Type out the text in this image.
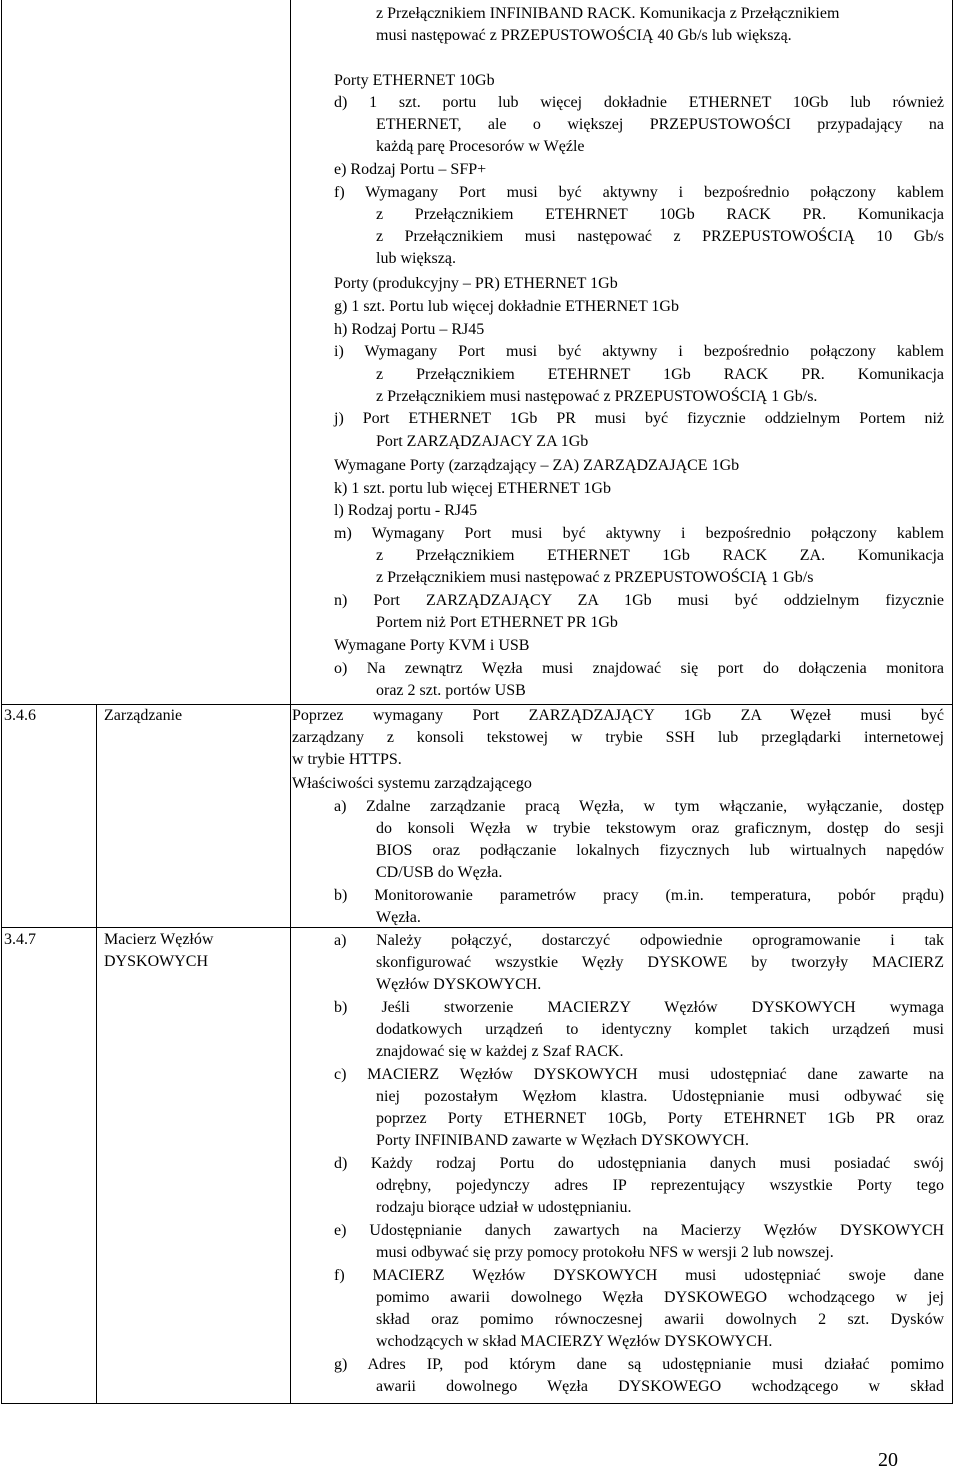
3.4.6	Zarządzanie
3.4.7	Macierz Węzłów
DYSKOWYCH
z Przełącznikiem INFINIBAND RACK. Komunikacja z Przełącznikiem
musi następować z PRZEPUSTOWOŚCIĄ 40 Gb/s lub większą.
Porty ETHERNET 10Gb
d) 1 szt. portu lub więcej dokładnie ETHERNET 10Gb lub również
ETHERNET, ale o większej PRZEPUSTOWOŚCI przypadający na
każdą parę Procesorów w Węźle
e) Rodzaj Portu – SFP+
f) Wymagany Port musi być aktywny i bezpośrednio połączony kablem
z Przełącznikiem ETEHRNET 10Gb RACK PR. Komunikacja
z Przełącznikiem musi następować z PRZEPUSTOWOŚCIĄ 10 Gb/s
lub większą.
Porty (produkcyjny – PR) ETHERNET 1Gb
g) 1 szt. Portu lub więcej dokładnie ETHERNET 1Gb
h) Rodzaj Portu – RJ45
i) Wymagany Port musi być aktywny i bezpośrednio połączony kablem
z Przełącznikiem ETEHRNET 1Gb RACK PR. Komunikacja
z Przełącznikiem musi następować z PRZEPUSTOWOŚCIĄ 1 Gb/s.
j) Port ETHERNET 1Gb PR musi być fizycznie oddzielnym Portem niż
Port ZARZĄDZAJACY ZA 1Gb
Wymagane Porty (zarządzający – ZA) ZARZĄDZAJĄCE 1Gb
k) 1 szt. portu lub więcej ETHERNET 1Gb
l) Rodzaj portu - RJ45
m) Wymagany Port musi być aktywny i bezpośrednio połączony kablem
z Przełącznikiem ETHERNET 1Gb RACK ZA. Komunikacja
z Przełącznikiem musi następować z PRZEPUSTOWOŚCIĄ 1 Gb/s
n) Port ZARZĄDZAJĄCY ZA 1Gb musi być oddzielnym fizycznie
Portem niż Port ETHERNET PR 1Gb
Wymagane Porty KVM i USB
o) Na zewnątrz Węzła musi znajdować się port do dołączenia monitora
oraz 2 szt. portów USB
Poprzez wymagany Port ZARZĄDZAJĄCY 1Gb ZA Węzeł musi być
zarządzany z konsoli tekstowej w trybie SSH lub przeglądarki internetowej
w trybie HTTPS.
Właściwości systemu zarządzającego
a) Zdalne zarządzanie pracą Węzła, w tym włączanie, wyłączanie, dostęp
do konsoli Węzła w trybie tekstowym oraz graficznym, dostęp do sesji
BIOS oraz podłączanie lokalnych fizycznych lub wirtualnych napędów
CD/USB do Węzła.
b) Monitorowanie parametrów pracy (m.in. temperatura, pobór prądu)
Węzła.
a) Należy połączyć, dostarczyć odpowiednie oprogramowanie i tak
skonfigurować wszystkie Węzły DYSKOWE by tworzyły MACIERZ
Węzłów DYSKOWYCH.
b) Jeśli stworzenie MACIERZY Węzłów DYSKOWYCH wymaga
dodatkowych urządzeń to identyczny komplet takich urządzeń musi
znajdować się w każdej z Szaf RACK.
c) MACIERZ Węzłów DYSKOWYCH musi udostępniać dane zawarte na
niej pozostałym Węzłom klastra. Udostępnianie musi odbywać się
poprzez Porty ETHERNET 10Gb, Porty ETEHRNET 1Gb PR oraz
Porty INFINIBAND zawarte w Węzłach DYSKOWYCH.
d) Każdy rodzaj Portu do udostępniania danych musi posiadać swój
odrębny, pojedynczy adres IP reprezentujący wszystkie Porty tego
rodzaju biorące udział w udostępnianiu.
e) Udostępnianie danych zawartych na Macierzy Węzłów DYSKOWYCH
musi odbywać się przy pomocy protokołu NFS w wersji 2 lub nowszej.
f) MACIERZ Węzłów DYSKOWYCH musi udostępniać swoje dane
pomimo awarii dowolnego Węzła DYSKOWEGO wchodzącego w jej
skład oraz pomimo równoczesnej awarii dowolnych 2 szt. Dysków
wchodzących w skład MACIERZY Węzłów DYSKOWYCH.
g) Adres IP, pod którym dane są udostępnianie musi działać pomimo
awarii dowolnego Węzła DYSKOWEGO wchodzącego w skład
20
